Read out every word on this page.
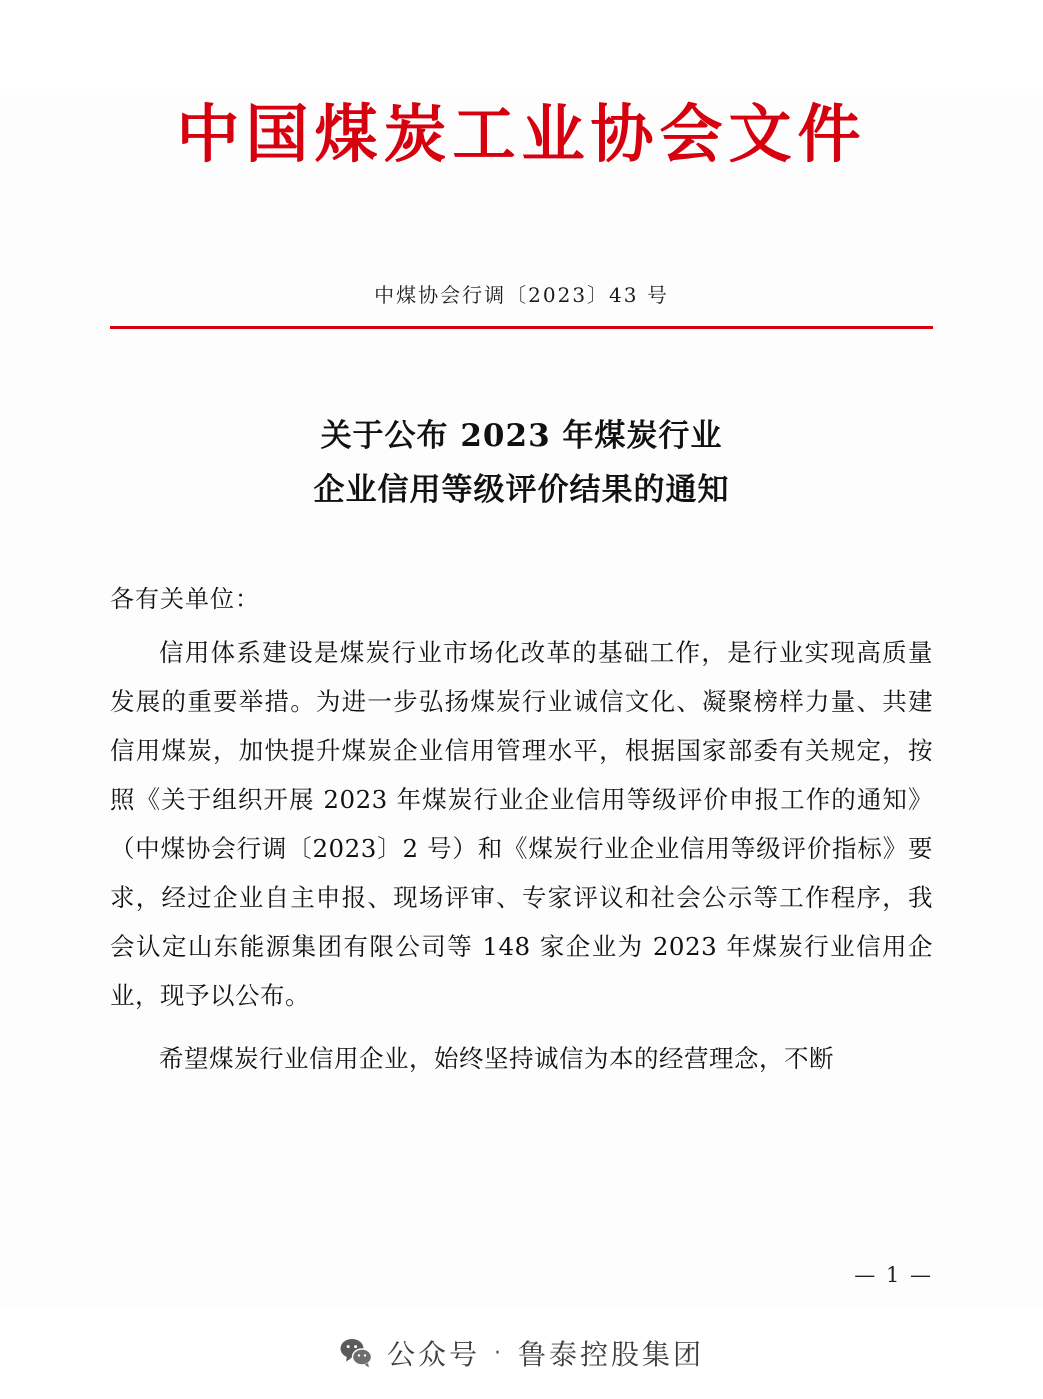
中国煤炭工业协会文件
中煤协会行调〔2023〕43 号
关于公布 2023 年煤炭行业
企业信用等级评价结果的通知
各有关单位：
信用体系建设是煤炭行业市场化改革的基础工作，是行业实现高质量发展的重要举措。为进一步弘扬煤炭行业诚信文化、凝聚榜样力量、共建信用煤炭，加快提升煤炭企业信用管理水平，根据国家部委有关规定，按照《关于组织开展 2023 年煤炭行业企业信用等级评价申报工作的通知》（中煤协会行调〔2023〕2 号）和《煤炭行业企业信用等级评价指标》要求，经过企业自主申报、现场评审、专家评议和社会公示等工作程序，我会认定山东能源集团有限公司等 148 家企业为 2023 年煤炭行业信用企业，现予以公布。
希望煤炭行业信用企业，始终坚持诚信为本的经营理念，不断
— 1 —
公众号 · 鲁泰控股集团
